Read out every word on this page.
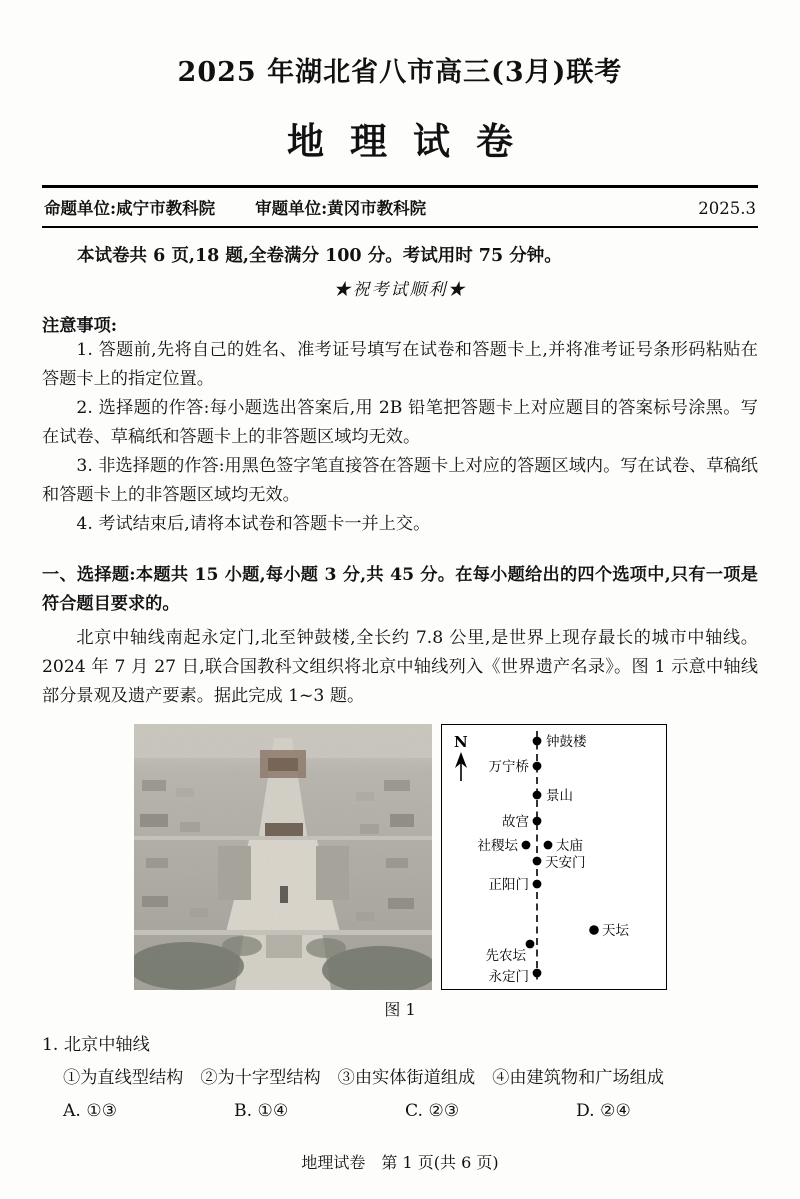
2025 年湖北省八市高三(3月)联考
地理试卷
命题单位:咸宁市教科院 审题单位:黄冈市教科院	2025.3

本试卷共 6 页,18 题,全卷满分 100 分。考试用时 75 分钟。

★祝考试顺利★
注意事项:

1. 答题前,先将自己的姓名、准考证号填写在试卷和答题卡上,并将准考证号条形码粘贴在答题卡上的指定位置。

2. 选择题的作答:每小题选出答案后,用 2B 铅笔把答题卡上对应题目的答案标号涂黑。写在试卷、草稿纸和答题卡上的非答题区域均无效。

3. 非选择题的作答:用黑色签字笔直接答在答题卡上对应的答题区域内。写在试卷、草稿纸和答题卡上的非答题区域均无效。

4. 考试结束后,请将本试卷和答题卡一并上交。

一、选择题:本题共 15 小题,每小题 3 分,共 45 分。在每小题给出的四个选项中,只有一项是符合题目要求的。

北京中轴线南起永定门,北至钟鼓楼,全长约 7.8 公里,是世界上现存最长的城市中轴线。2024 年 7 月 27 日,联合国教科文组织将北京中轴线列入《世界遗产名录》。图 1 示意中轴线部分景观及遗产要素。据此完成 1~3 题。

N	钟鼓楼
万宁桥
景山
故宫
社稷坛	太庙
天安门
正阳门
天坛
先农坛
永定门
图 1
1. 北京中轴线
①为直线型结构 ②为十字型结构 ③由实体街道组成 ④由建筑物和广场组成
A. ①③	B. ①④	C. ②③	D. ②④
地理试卷　第 1 页(共 6 页)
